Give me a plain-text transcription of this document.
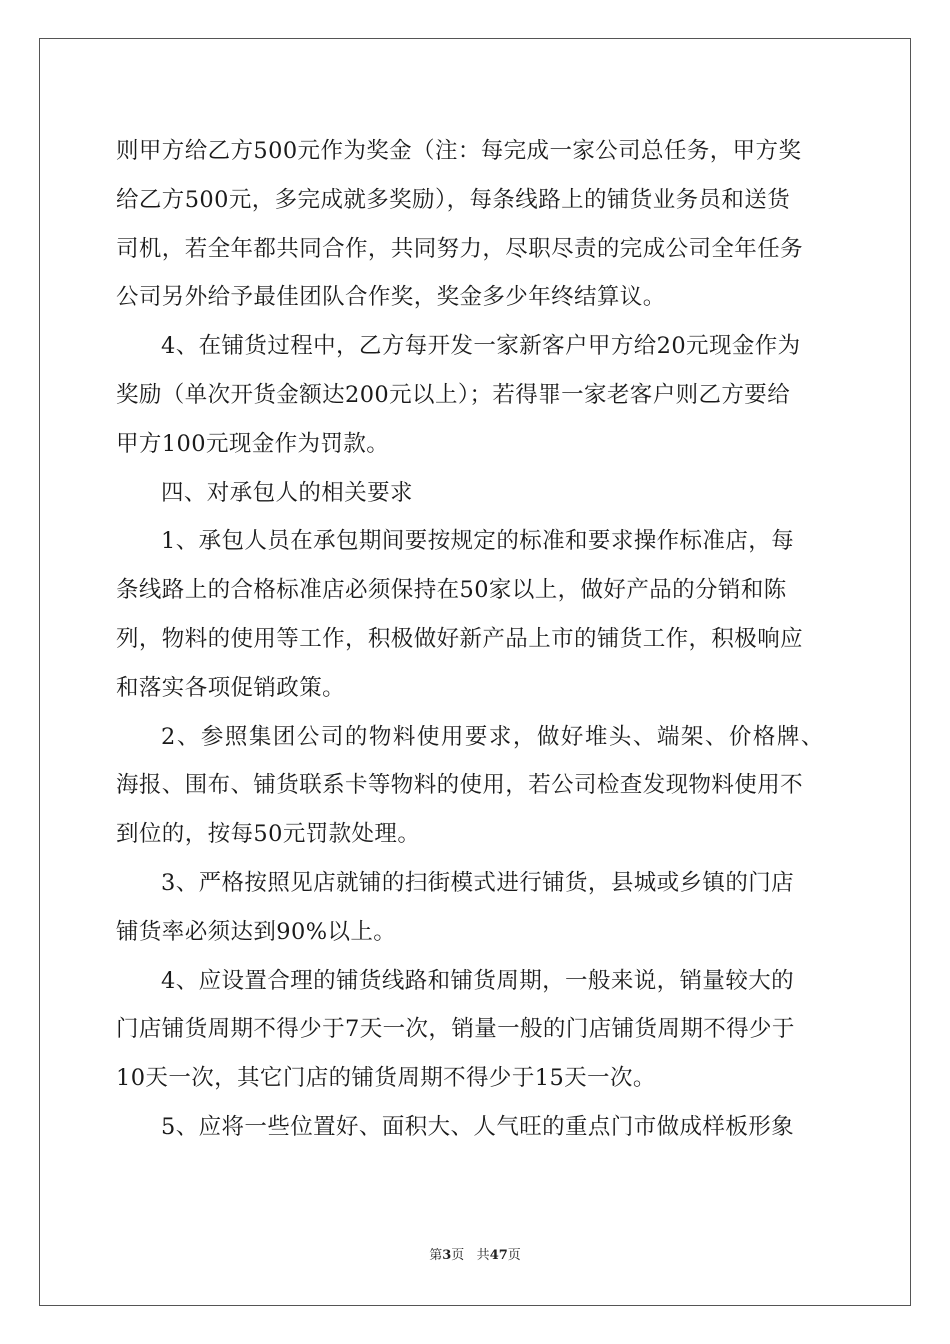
则甲方给乙方500元作为奖金（注：每完成一家公司总任务，甲方奖
给乙方500元，多完成就多奖励），每条线路上的铺货业务员和送货
司机，若全年都共同合作，共同努力，尽职尽责的完成公司全年任务
公司另外给予最佳团队合作奖，奖金多少年终结算议。
4、在铺货过程中，乙方每开发一家新客户甲方给20元现金作为
奖励（单次开货金额达200元以上）；若得罪一家老客户则乙方要给
甲方100元现金作为罚款。
四、对承包人的相关要求
1、承包人员在承包期间要按规定的标准和要求操作标准店，每
条线路上的合格标准店必须保持在50家以上，做好产品的分销和陈
列，物料的使用等工作，积极做好新产品上市的铺货工作，积极响应
和落实各项促销政策。
2、参照集团公司的物料使用要求，做好堆头、端架、价格牌、
海报、围布、铺货联系卡等物料的使用，若公司检查发现物料使用不
到位的，按每50元罚款处理。
3、严格按照见店就铺的扫街模式进行铺货，县城或乡镇的门店
铺货率必须达到90%以上。
4、应设置合理的铺货线路和铺货周期，一般来说，销量较大的
门店铺货周期不得少于7天一次，销量一般的门店铺货周期不得少于
10天一次，其它门店的铺货周期不得少于15天一次。
5、应将一些位置好、面积大、人气旺的重点门市做成样板形象
第3页 共47页
